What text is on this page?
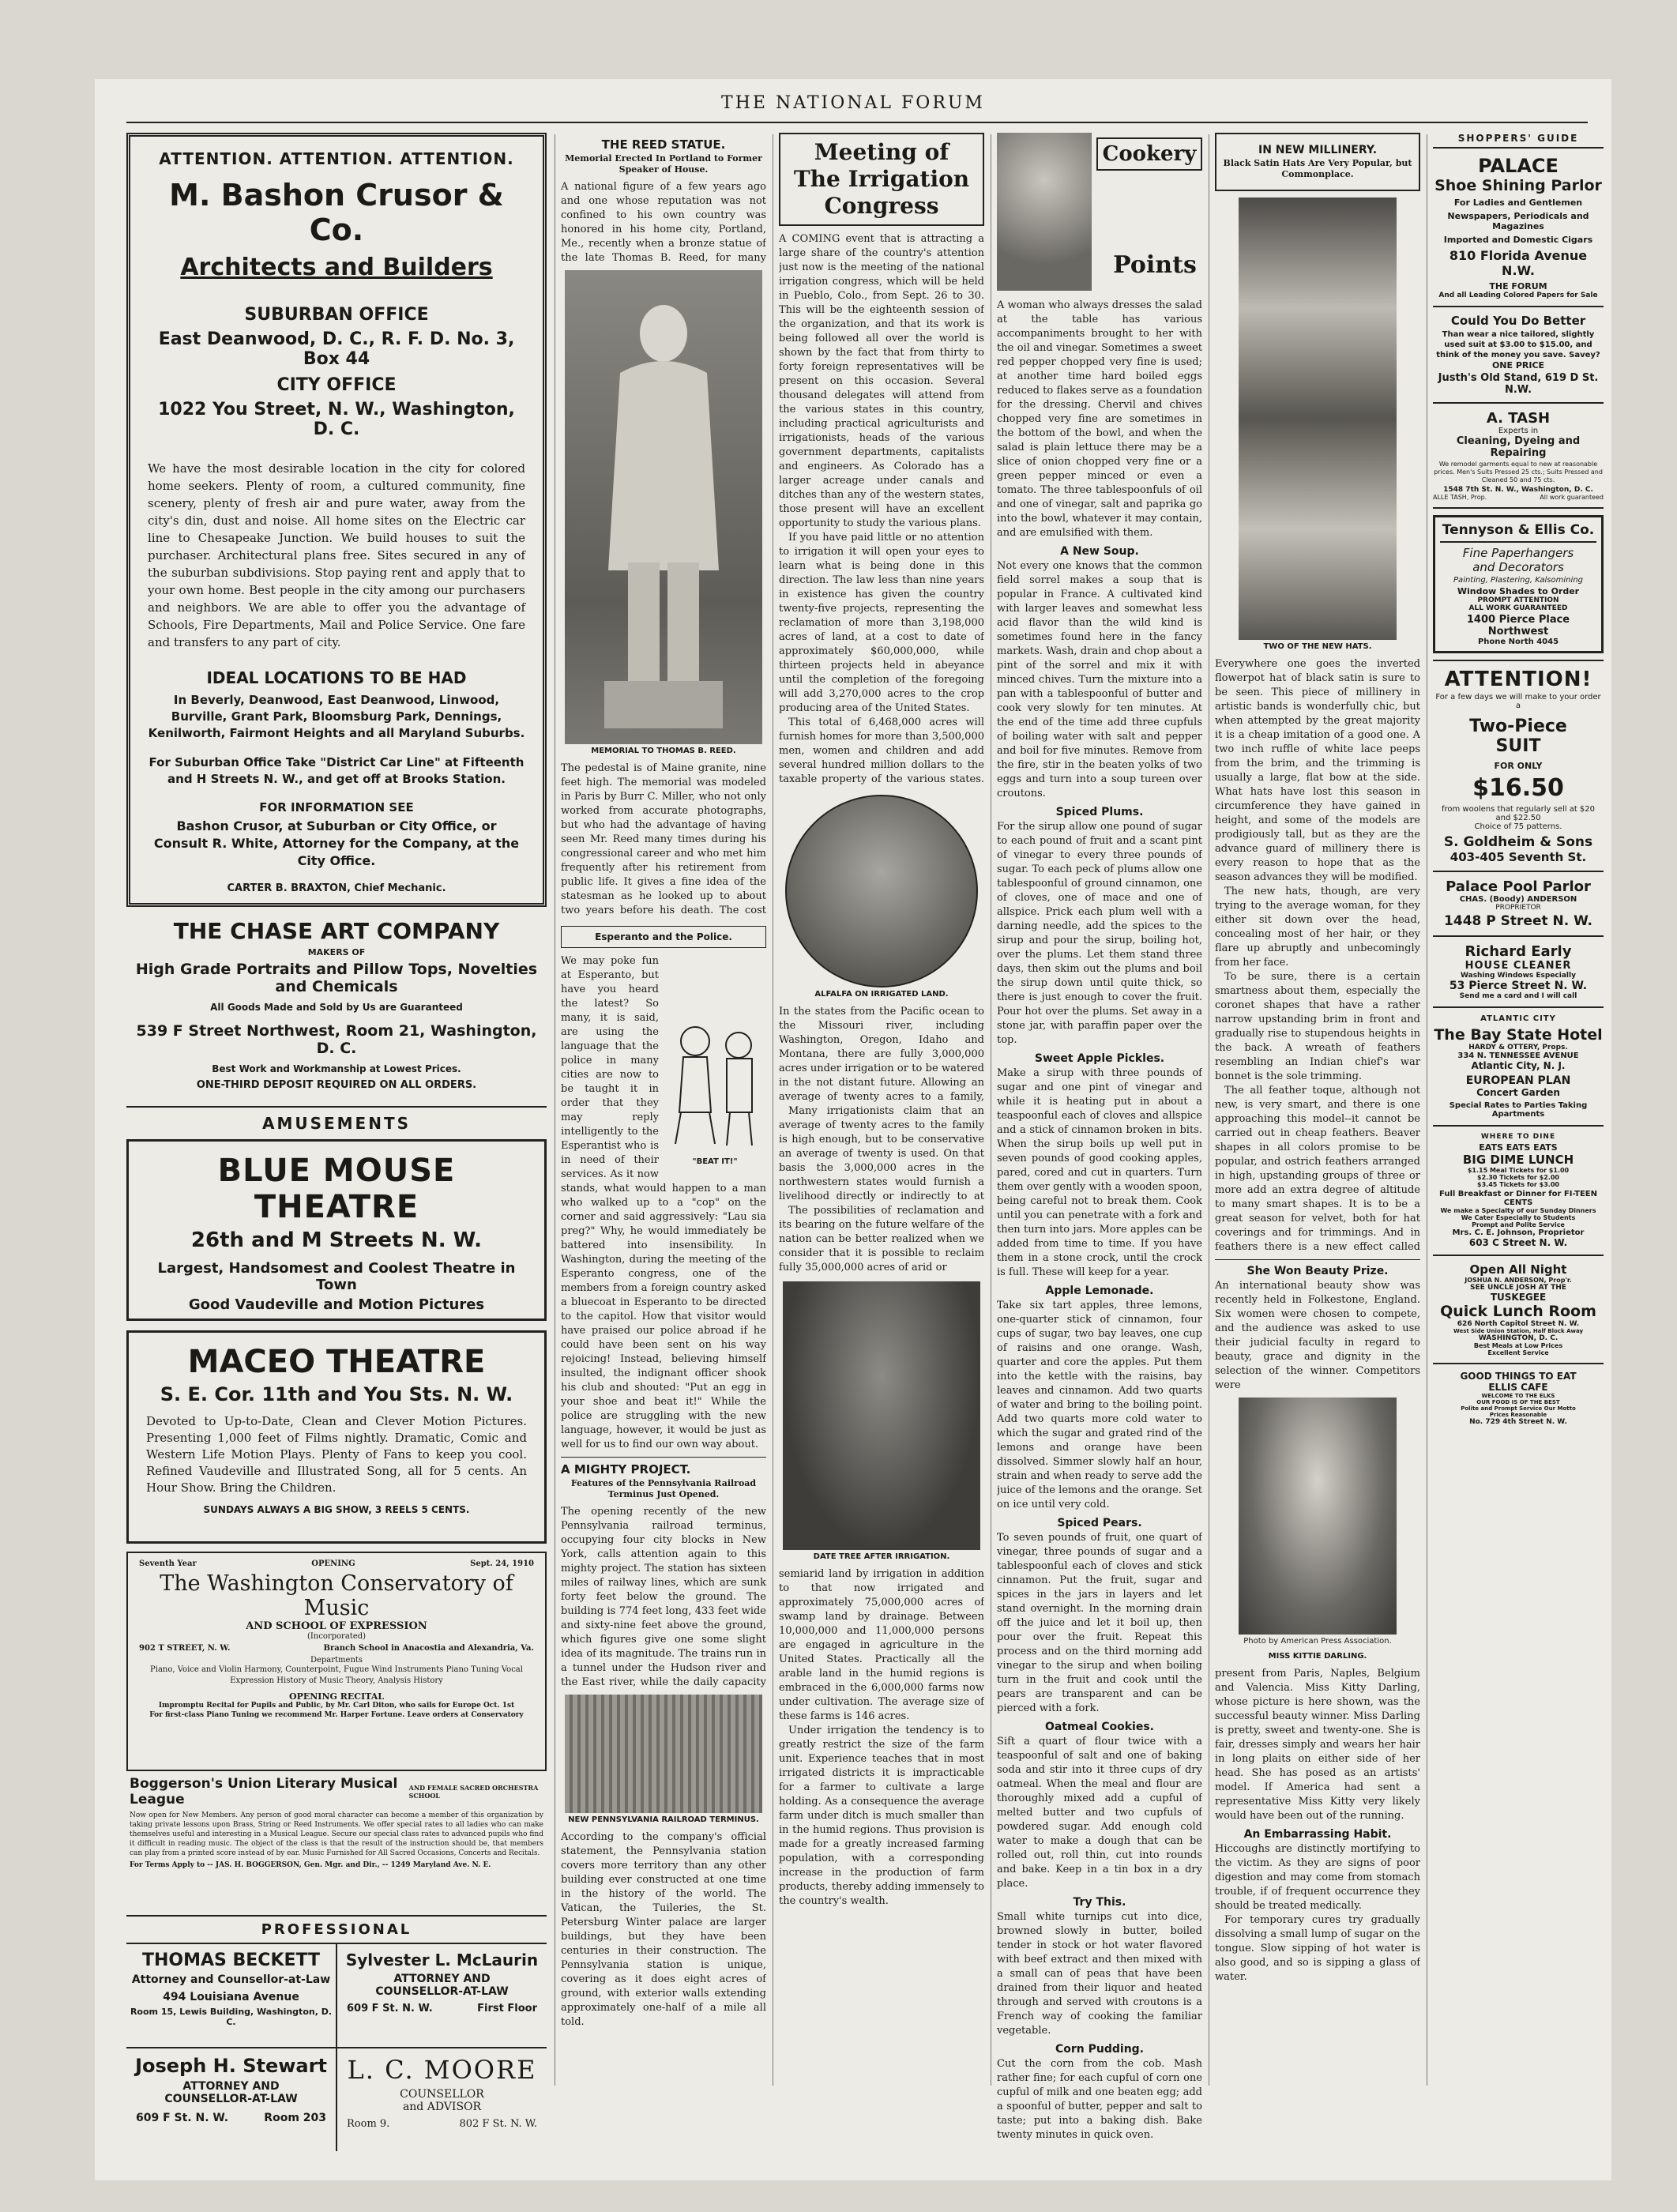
THE NATIONAL FORUM
ATTENTION. ATTENTION. ATTENTION.
M. Bashon Crusor & Co.
Architects and Builders
SUBURBAN OFFICE
East Deanwood, D. C., R. F. D. No. 3, Box 44
CITY OFFICE
1022 You Street, N. W., Washington, D. C.

We have the most desirable location in the city for colored home seekers. Plenty of room, a cultured community, fine scenery, plenty of fresh air and pure water, away from the city's din, dust and noise. All home sites on the Electric car line to Chesapeake Junction. We build houses to suit the purchaser. Architectural plans free. Sites secured in any of the suburban subdivisions. Stop paying rent and apply that to your own home. Best people in the city among our purchasers and neighbors. We are able to offer you the advantage of Schools, Fire Departments, Mail and Police Service. One fare and transfers to any part of city.

IDEAL LOCATIONS TO BE HAD
In Beverly, Deanwood, East Deanwood, Linwood, Burville, Grant Park, Bloomsburg Park, Dennings, Kenilworth, Fairmont Heights and all Maryland Suburbs.
For Suburban Office Take "District Car Line" at Fifteenth and H Streets N. W., and get off at Brooks Station.
FOR INFORMATION SEE
Bashon Crusor, at Suburban or City Office, or Consult R. White, Attorney for the Company, at the City Office.
CARTER B. BRAXTON, Chief Mechanic.
THE CHASE ART COMPANY
MAKERS OF
High Grade Portraits and Pillow Tops, Novelties and Chemicals
All Goods Made and Sold by Us are Guaranteed
539 F Street Northwest, Room 21, Washington, D. C.
Best Work and Workmanship at Lowest Prices.
ONE-THIRD DEPOSIT REQUIRED ON ALL ORDERS.
AMUSEMENTS
BLUE MOUSE THEATRE
26th and M Streets N. W.
Largest, Handsomest and Coolest Theatre in Town
Good Vaudeville and Motion Pictures
MACEO THEATRE
S. E. Cor. 11th and You Sts. N. W.

Devoted to Up-to-Date, Clean and Clever Motion Pictures. Presenting 1,000 feet of Films nightly. Dramatic, Comic and Western Life Motion Plays. Plenty of Fans to keep you cool. Refined Vaudeville and Illustrated Song, all for 5 cents. An Hour Show. Bring the Children.

SUNDAYS ALWAYS A BIG SHOW, 3 REELS 5 CENTS.
Seventh Year	OPENING	Sept. 24, 1910
The Washington Conservatory of Music
AND SCHOOL OF EXPRESSION
(Incorporated)
902 T STREET, N. W.	Branch School in Anacostia and Alexandria, Va.
Departments
Piano, Voice and Violin Harmony, Counterpoint, Fugue Wind Instruments Piano Tuning Vocal Expression History of Music Theory, Analysis History
OPENING RECITAL
Impromptu Recital for Pupils and Public, by Mr. Carl Diton, who sails for Europe Oct. 1st
For first-class Piano Tuning we recommend Mr. Harper Fortune. Leave orders at Conservatory
Boggerson's Union Literary Musical League
AND FEMALE SACRED ORCHESTRA SCHOOL

Now open for New Members. Any person of good moral character can become a member of this organization by taking private lessons upon Brass, String or Reed Instruments. We offer special rates to all ladies who can make themselves useful and interesting in a Musical League. Secure our special class rates to advanced pupils who find it difficult in reading music. The object of the class is that the result of the instruction should be, that members can play from a printed score instead of by ear. Music Furnished for All Sacred Occasions, Concerts and Recitals.

For Terms Apply to -- JAS. H. BOGGERSON, Gen. Mgr. and Dir., -- 1249 Maryland Ave. N. E.
PROFESSIONAL
THOMAS BECKETT
Attorney and Counsellor-at-Law
494 Louisiana Avenue
Room 15, Lewis Building, Washington, D. C.
Sylvester L. McLaurin
ATTORNEY AND
COUNSELLOR-AT-LAW
609 F St. N. W.	First Floor
Joseph H. Stewart
ATTORNEY AND
COUNSELLOR-AT-LAW
609 F St. N. W.	Room 203
L. C. MOORE
COUNSELLOR
and ADVISOR
Room 9.	802 F St. N. W.
THE REED STATUE.
Memorial Erected In Portland to Former Speaker of House.

A national figure of a few years ago and one whose reputation was not confined to his own country was honored in his home city, Portland, Me., recently when a bronze statue of the late Thomas B. Reed, for many

MEMORIAL TO THOMAS B. REED.

The pedestal is of Maine granite, nine feet high. The memorial was modeled in Paris by Burr C. Miller, who not only worked from accurate photographs, but who had the advantage of having seen Mr. Reed many times during his congressional career and who met him frequently after his retirement from public life. It gives a fine idea of the statesman as he looked up to about two years before his death. The cost

Esperanto and the Police.
"BEAT IT!"

We may poke fun at Esperanto, but have you heard the latest? So many, it is said, are using the language that the police in many cities are now to be taught it in order that they may reply intelligently to the Esperantist who is in need of their services. As it now stands, what would happen to a man who walked up to a "cop" on the corner and said aggressively: "Lau sia preg?" Why, he would immediately be battered into insensibility. In Washington, during the meeting of the Esperanto congress, one of the members from a foreign country asked a bluecoat in Esperanto to be directed to the capitol. How that visitor would have praised our police abroad if he could have been sent on his way rejoicing! Instead, believing himself insulted, the indignant officer shook his club and shouted: "Put an egg in your shoe and beat it!" While the police are struggling with the new language, however, it would be just as well for us to find our own way about.

A MIGHTY PROJECT.
Features of the Pennsylvania Railroad Terminus Just Opened.

The opening recently of the new Pennsylvania railroad terminus, occupying four city blocks in New York, calls attention again to this mighty project. The station has sixteen miles of railway lines, which are sunk forty feet below the ground. The building is 774 feet long, 433 feet wide and sixty-nine feet above the ground, which figures give one some slight idea of its magnitude. The trains run in a tunnel under the Hudson river and the East river, while the daily capacity

NEW PENNSYLVANIA RAILROAD TERMINUS.

According to the company's official statement, the Pennsylvania station covers more territory than any other building ever constructed at one time in the history of the world. The Vatican, the Tuileries, the St. Petersburg Winter palace are larger buildings, but they have been centuries in their construction. The Pennsylvania station is unique, covering as it does eight acres of ground, with exterior walls extending approximately one-half of a mile all told.

Meeting of
The Irrigation
Congress

A COMING event that is attracting a large share of the country's attention just now is the meeting of the national irrigation congress, which will be held in Pueblo, Colo., from Sept. 26 to 30. This will be the eighteenth session of the organization, and that its work is being followed all over the world is shown by the fact that from thirty to forty foreign representatives will be present on this occasion. Several thousand delegates will attend from the various states in this country, including practical agriculturists and irrigationists, heads of the various government departments, capitalists and engineers. As Colorado has a larger acreage under canals and ditches than any of the western states, those present will have an excellent opportunity to study the various plans.

If you have paid little or no attention to irrigation it will open your eyes to learn what is being done in this direction. The law less than nine years in existence has given the country twenty-five projects, representing the reclamation of more than 3,198,000 acres of land, at a cost to date of approximately $60,000,000, while thirteen projects held in abeyance until the completion of the foregoing will add 3,270,000 acres to the crop producing area of the United States.

This total of 6,468,000 acres will furnish homes for more than 3,500,000 men, women and children and add several hundred million dollars to the taxable property of the various states.

ALFALFA ON IRRIGATED LAND.

In the states from the Pacific ocean to the Missouri river, including Washington, Oregon, Idaho and Montana, there are fully 3,000,000 acres under irrigation or to be watered in the not distant future. Allowing an average of twenty acres to a family,

Many irrigationists claim that an average of twenty acres to the family is high enough, but to be conservative an average of twenty is used. On that basis the 3,000,000 acres in the northwestern states would furnish a livelihood directly or indirectly to at

The possibilities of reclamation and its bearing on the future welfare of the nation can be better realized when we consider that it is possible to reclaim fully 35,000,000 acres of arid or

DATE TREE AFTER IRRIGATION.

semiarid land by irrigation in addition to that now irrigated and approximately 75,000,000 acres of swamp land by drainage. Between 10,000,000 and 11,000,000 persons are engaged in agriculture in the United States. Practically all the arable land in the humid regions is embraced in the 6,000,000 farms now under cultivation. The average size of these farms is 146 acres.

Under irrigation the tendency is to greatly restrict the size of the farm unit. Experience teaches that in most irrigated districts it is impracticable for a farmer to cultivate a large holding. As a consequence the average farm under ditch is much smaller than in the humid regions. Thus provision is made for a greatly increased farming population, with a corresponding increase in the production of farm products, thereby adding immensely to the country's wealth.

Cookery
Points

A woman who always dresses the salad at the table has various accompaniments brought to her with the oil and vinegar. Sometimes a sweet red pepper chopped very fine is used; at another time hard boiled eggs reduced to flakes serve as a foundation for the dressing. Chervil and chives chopped very fine are sometimes in the bottom of the bowl, and when the salad is plain lettuce there may be a slice of onion chopped very fine or a green pepper minced or even a tomato. The three tablespoonfuls of oil and one of vinegar, salt and paprika go into the bowl, whatever it may contain, and are emulsified with them.

A New Soup.

Not every one knows that the common field sorrel makes a soup that is popular in France. A cultivated kind with larger leaves and somewhat less acid flavor than the wild kind is sometimes found here in the fancy markets. Wash, drain and chop about a pint of the sorrel and mix it with minced chives. Turn the mixture into a pan with a tablespoonful of butter and cook very slowly for ten minutes. At the end of the time add three cupfuls of boiling water with salt and pepper and boil for five minutes. Remove from the fire, stir in the beaten yolks of two eggs and turn into a soup tureen over croutons.

Spiced Plums.

For the sirup allow one pound of sugar to each pound of fruit and a scant pint of vinegar to every three pounds of sugar. To each peck of plums allow one tablespoonful of ground cinnamon, one of cloves, one of mace and one of allspice. Prick each plum well with a darning needle, add the spices to the sirup and pour the sirup, boiling hot, over the plums. Let them stand three days, then skim out the plums and boil the sirup down until quite thick, so there is just enough to cover the fruit. Pour hot over the plums. Set away in a stone jar, with paraffin paper over the top.

Sweet Apple Pickles.

Make a sirup with three pounds of sugar and one pint of vinegar and while it is heating put in about a teaspoonful each of cloves and allspice and a stick of cinnamon broken in bits. When the sirup boils up well put in seven pounds of good cooking apples, pared, cored and cut in quarters. Turn them over gently with a wooden spoon, being careful not to break them. Cook until you can penetrate with a fork and then turn into jars. More apples can be added from time to time. If you have them in a stone crock, until the crock is full. These will keep for a year.

Apple Lemonade.

Take six tart apples, three lemons, one-quarter stick of cinnamon, four cups of sugar, two bay leaves, one cup of raisins and one orange. Wash, quarter and core the apples. Put them into the kettle with the raisins, bay leaves and cinnamon. Add two quarts of water and bring to the boiling point. Add two quarts more cold water to which the sugar and grated rind of the lemons and orange have been dissolved. Simmer slowly half an hour, strain and when ready to serve add the juice of the lemons and the orange. Set on ice until very cold.

Spiced Pears.

To seven pounds of fruit, one quart of vinegar, three pounds of sugar and a tablespoonful each of cloves and stick cinnamon. Put the fruit, sugar and spices in the jars in layers and let stand overnight. In the morning drain off the juice and let it boil up, then pour over the fruit. Repeat this process and on the third morning add vinegar to the sirup and when boiling turn in the fruit and cook until the pears are transparent and can be pierced with a fork.

Oatmeal Cookies.

Sift a quart of flour twice with a teaspoonful of salt and one of baking soda and stir into it three cups of dry oatmeal. When the meal and flour are thoroughly mixed add a cupful of melted butter and two cupfuls of powdered sugar. Add enough cold water to make a dough that can be rolled out, roll thin, cut into rounds and bake. Keep in a tin box in a dry place.

Try This.

Small white turnips cut into dice, browned slowly in butter, boiled tender in stock or hot water flavored with beef extract and then mixed with a small can of peas that have been drained from their liquor and heated through and served with croutons is a French way of cooking the familiar vegetable.

Corn Pudding.

Cut the corn from the cob. Mash rather fine; for each cupful of corn one cupful of milk and one beaten egg; add a spoonful of butter, pepper and salt to taste; put into a baking dish. Bake twenty minutes in quick oven.

IN NEW MILLINERY.
Black Satin Hats Are Very Popular, but Commonplace.
TWO OF THE NEW HATS.

Everywhere one goes the inverted flowerpot hat of black satin is sure to be seen. This piece of millinery in artistic bands is wonderfully chic, but when attempted by the great majority it is a cheap imitation of a good one. A two inch ruffle of white lace peeps from the brim, and the trimming is usually a large, flat bow at the side. What hats have lost this season in circumference they have gained in height, and some of the models are prodigiously tall, but as they are the advance guard of millinery there is every reason to hope that as the season advances they will be modified.

The new hats, though, are very trying to the average woman, for they either sit down over the head, concealing most of her hair, or they flare up abruptly and unbecomingly from her face.

To be sure, there is a certain smartness about them, especially the coronet shapes that have a rather narrow upstanding brim in front and gradually rise to stupendous heights in the back. A wreath of feathers resembling an Indian chief's war bonnet is the sole trimming.

The all feather toque, although not new, is very smart, and there is one approaching this model--it cannot be carried out in cheap feathers. Beaver shapes in all colors promise to be popular, and ostrich feathers arranged in high, upstanding groups of three or more add an extra degree of altitude to many smart shapes. It is to be a great season for velvet, both for hat coverings and for trimmings. And in feathers there is a new effect called

She Won Beauty Prize.

An international beauty show was recently held in Folkestone, England. Six women were chosen to compete, and the audience was asked to use their judicial faculty in regard to beauty, grace and dignity in the selection of the winner. Competitors were

Photo by American Press Association.
MISS KITTIE DARLING.

present from Paris, Naples, Belgium and Valencia. Miss Kitty Darling, whose picture is here shown, was the successful beauty winner. Miss Darling is pretty, sweet and twenty-one. She is fair, dresses simply and wears her hair in long plaits on either side of her head. She has posed as an artists' model. If America had sent a representative Miss Kitty very likely would have been out of the running.

An Embarrassing Habit.

Hiccoughs are distinctly mortifying to the victim. As they are signs of poor digestion and may come from stomach trouble, if of frequent occurrence they should be treated medically.

For temporary cures try gradually dissolving a small lump of sugar on the tongue. Slow sipping of hot water is also good, and so is sipping a glass of water.

SHOPPERS' GUIDE
PALACE
Shoe Shining Parlor
For Ladies and Gentlemen
Newspapers, Periodicals and Magazines
Imported and Domestic Cigars
810 Florida Avenue N.W.
THE FORUM
And all Leading Colored Papers for Sale
Could You Do Better
Than wear a nice tailored, slightly used suit at $3.00 to $15.00, and think of the money you save. Savey?
ONE PRICE
Justh's Old Stand, 619 D St. N.W.
A. TASH
Experts in
Cleaning, Dyeing and Repairing
We remodel garments equal to new at reasonable prices. Men's Suits Pressed 25 cts.; Suits Pressed and Cleaned 50 and 75 cts.
1548 7th St. N. W., Washington, D. C.
ALLE TASH, Prop.	All work guaranteed
Tennyson & Ellis Co.
Fine Paperhangers
and Decorators
Painting, Plastering, Kalsomining
Window Shades to Order
PROMPT ATTENTION
ALL WORK GUARANTEED
1400 Pierce Place Northwest
Phone North 4045
ATTENTION!
For a few days we will make to your order a
Two-Piece
SUIT
FOR ONLY
$16.50
from woolens that regularly sell at $20 and $22.50
Choice of 75 patterns.
S. Goldheim & Sons
403-405 Seventh St.
Palace Pool Parlor
CHAS. (Boody) ANDERSON
PROPRIETOR
1448 P Street N. W.
Richard Early
HOUSE CLEANER
Washing Windows Especially
53 Pierce Street N. W.
Send me a card and I will call
ATLANTIC CITY
The Bay State Hotel
HARDY & OTTERY, Props.
334 N. TENNESSEE AVENUE
Atlantic City, N. J.
EUROPEAN PLAN
Concert Garden
Special Rates to Parties Taking Apartments
WHERE TO DINE
EATS EATS EATS
BIG DIME LUNCH
$1.15 Meal Tickets for $1.00
$2.30 Tickets for $2.00
$3.45 Tickets for $3.00
Full Breakfast or Dinner for FI-TEEN CENTS
We make a Specialty of our Sunday Dinners
We Cater Especially to Students
Prompt and Polite Service
Mrs. C. E. Johnson, Proprietor
603 C Street N. W.
Open All Night
JOSHUA N. ANDERSON, Prop'r.
SEE UNCLE JOSH AT THE
TUSKEGEE
Quick Lunch Room
626 North Capitol Street N. W.
West Side Union Station, Half Block Away
WASHINGTON, D. C.
Best Meals at Low Prices
Excellent Service
GOOD THINGS TO EAT
ELLIS CAFE
WELCOME TO THE ELKS
OUR FOOD IS OF THE BEST
Polite and Prompt Service Our Motto
Prices Reasonable
No. 729 4th Street N. W.
